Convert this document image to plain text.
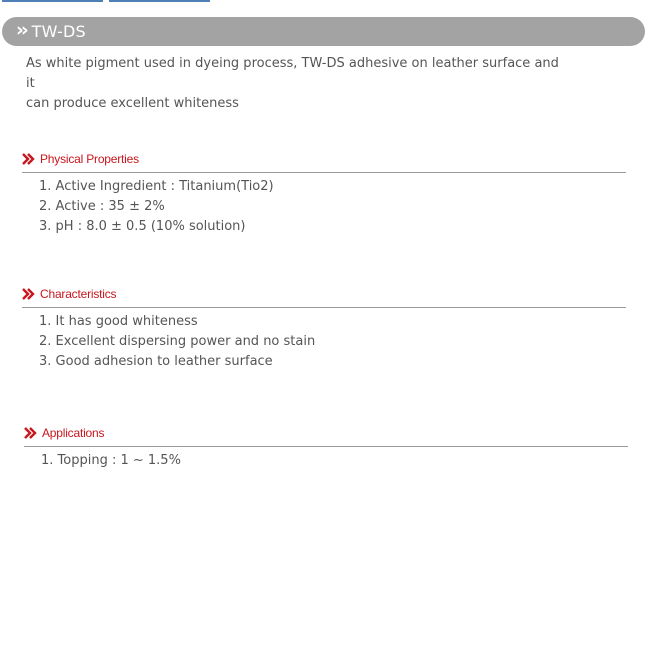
›› TW-DS
As white pigment used in dyeing process, TW-DS adhesive on leather surface and it
can produce excellent whiteness
Physical Properties
1. Active Ingredient : Titanium(Tio2)
2. Active : 35 ± 2%
3. pH : 8.0 ± 0.5 (10% solution)
Characteristics
1. It has good whiteness
2. Excellent dispersing power and no stain
3. Good adhesion to leather surface
Applications
1. Topping : 1 ~ 1.5%
